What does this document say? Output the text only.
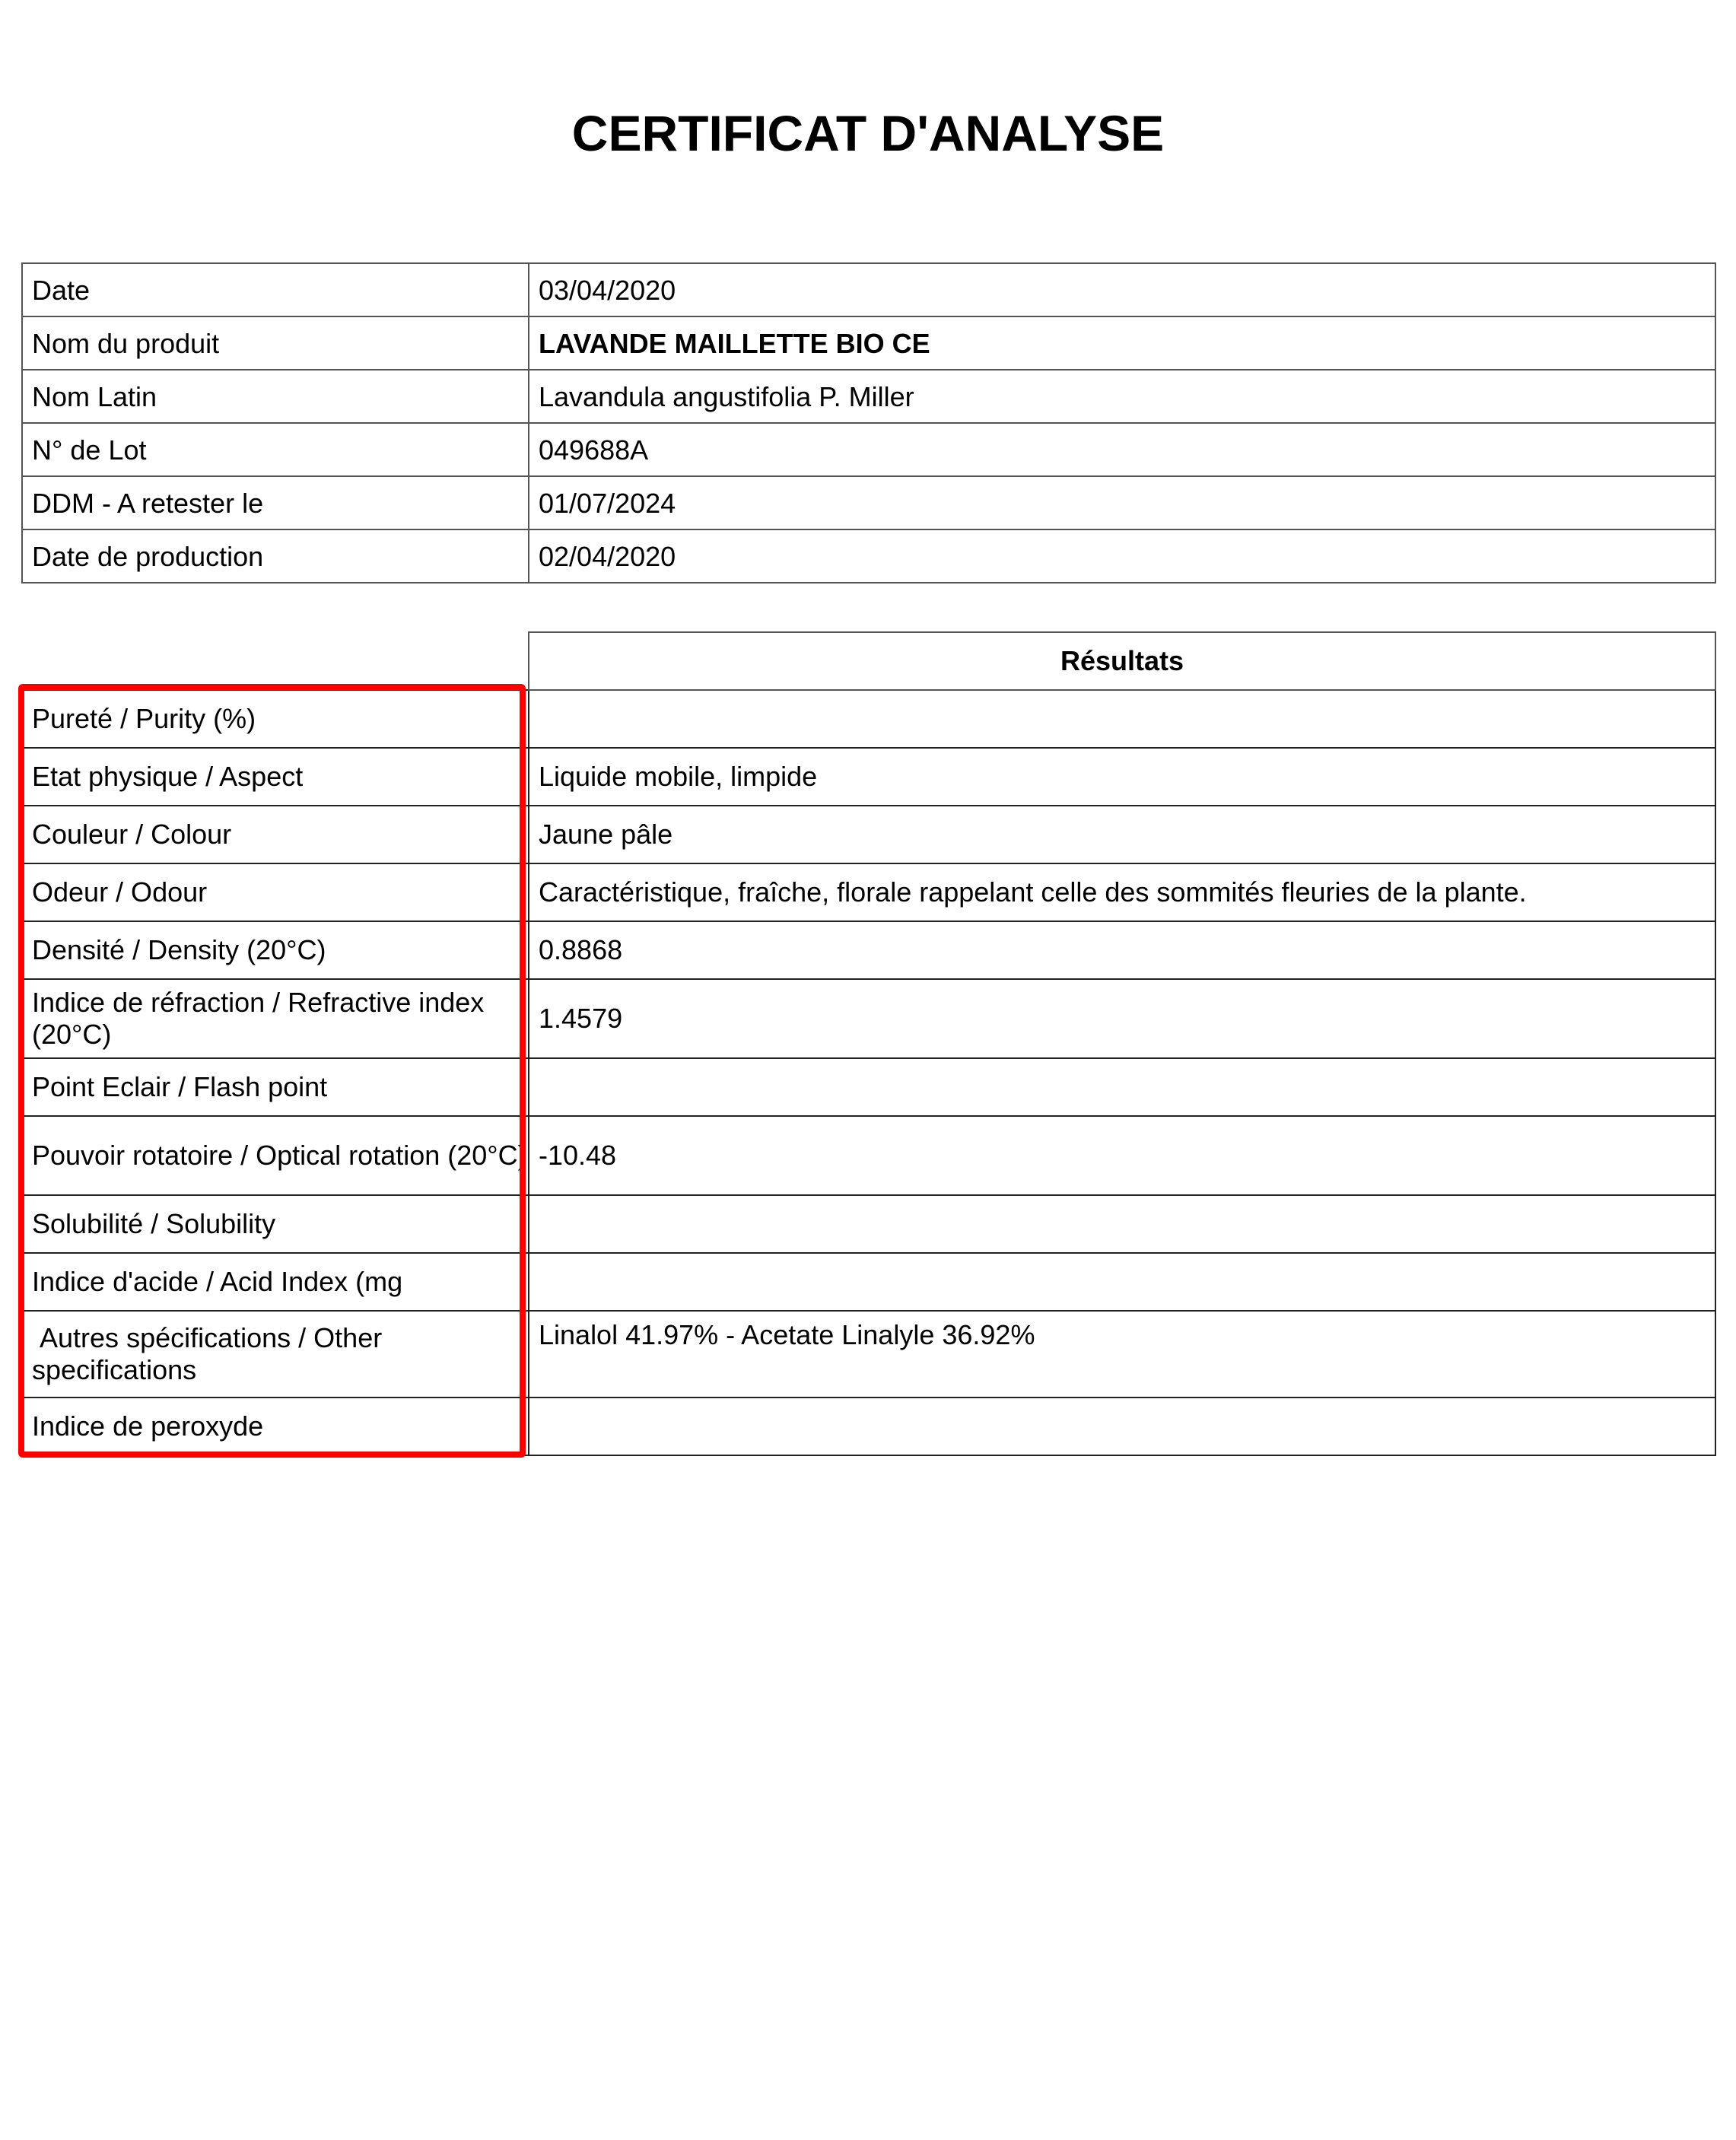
CERTIFICAT D'ANALYSE
Date	03/04/2020
Nom du produit	LAVANDE MAILLETTE BIO CE
Nom Latin	Lavandula angustifolia P. Miller
N° de Lot	049688A
DDM - A retester le	01/07/2024
Date de production	02/04/2020
	Résultats
Pureté / Purity (%)	
Etat physique / Aspect	Liquide mobile, limpide
Couleur / Colour	Jaune pâle
Odeur / Odour	Caractéristique, fraîche, florale rappelant celle des sommités fleuries de la plante.
Densité / Density (20°C)	0.8868
Indice de réfraction / Refractive index (20°C)	1.4579
Point Eclair / Flash point	
Pouvoir rotatoire / Optical rotation (20°C)	-10.48
Solubilité / Solubility	
Indice d'acide / Acid Index (mg	
Autres spécifications / Other specifications	Linalol 41.97% - Acetate Linalyle 36.92%
Indice de peroxyde	
